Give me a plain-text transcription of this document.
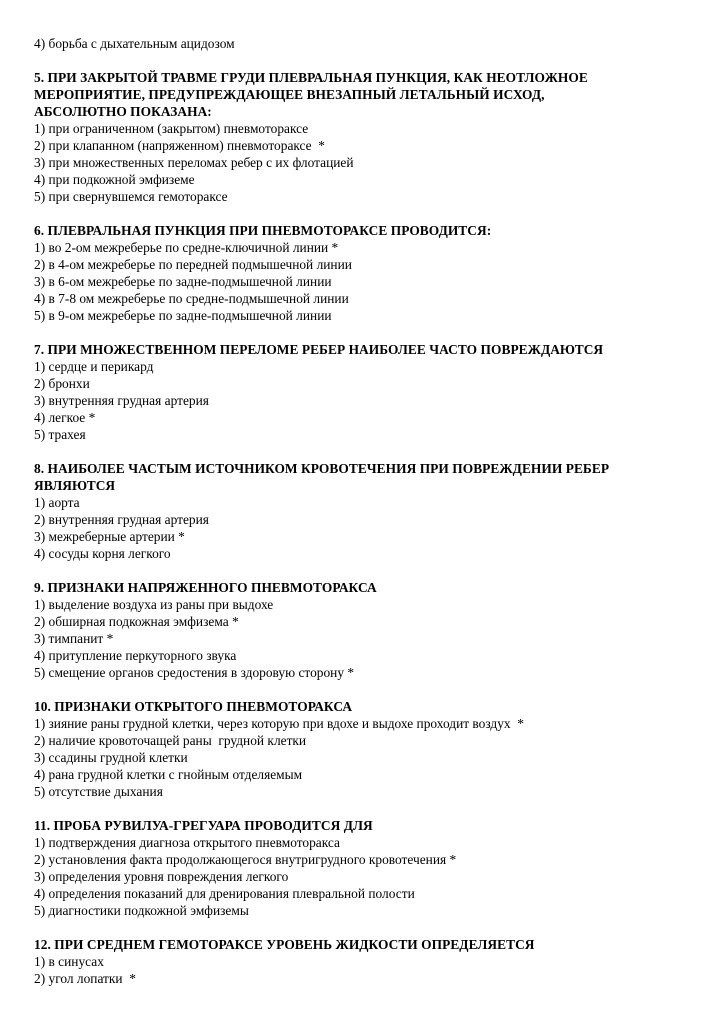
4) борьба с дыхательным ацидозом

5. ПРИ ЗАКРЫТОЙ ТРАВМЕ ГРУДИ ПЛЕВРАЛЬНАЯ ПУНКЦИЯ, КАК НЕОТЛОЖНОЕ

МЕРОПРИЯТИЕ, ПРЕДУПРЕЖДАЮЩЕЕ ВНЕЗАПНЫЙ ЛЕТАЛЬНЫЙ ИСХОД,

АБСОЛЮТНО ПОКАЗАНА:

1) при ограниченном (закрытом) пневмотораксе

2) при клапанном (напряженном) пневмотораксе  *

3) при множественных переломах ребер с их флотацией

4) при подкожной эмфиземе

5) при свернувшемся гемотораксе

6. ПЛЕВРАЛЬНАЯ ПУНКЦИЯ ПРИ ПНЕВМОТОРАКСЕ ПРОВОДИТСЯ:

1) во 2-ом межреберье по средне-ключичной линии *

2) в 4-ом межреберье по передней подмышечной линии

3) в 6-ом межреберье по задне-подмышечной линии

4) в 7-8 ом межреберье по средне-подмышечной линии

5) в 9-ом межреберье по задне-подмышечной линии

7. ПРИ МНОЖЕСТВЕННОМ ПЕРЕЛОМЕ РЕБЕР НАИБОЛЕЕ ЧАСТО ПОВРЕЖДАЮТСЯ

1) сердце и перикард

2) бронхи

3) внутренняя грудная артерия

4) легкое *

5) трахея

8. НАИБОЛЕЕ ЧАСТЫМ ИСТОЧНИКОМ КРОВОТЕЧЕНИЯ ПРИ ПОВРЕЖДЕНИИ РЕБЕР

ЯВЛЯЮТСЯ

1) аорта

2) внутренняя грудная артерия

3) межреберные артерии *

4) сосуды корня легкого

9. ПРИЗНАКИ НАПРЯЖЕННОГО ПНЕВМОТОРАКСА

1) выделение воздуха из раны при выдохе

2) обширная подкожная эмфизема *

3) тимпанит *

4) притупление перкуторного звука

5) смещение органов средостения в здоровую сторону *

10. ПРИЗНАКИ ОТКРЫТОГО ПНЕВМОТОРАКСА

1) зияние раны грудной клетки, через которую при вдохе и выдохе проходит воздух  *

2) наличие кровоточащей раны  грудной клетки

3) ссадины грудной клетки

4) рана грудной клетки с гнойным отделяемым

5) отсутствие дыхания

11. ПРОБА РУВИЛУА-ГРЕГУАРА ПРОВОДИТСЯ ДЛЯ

1) подтверждения диагноза открытого пневмоторакса

2) установления факта продолжающегося внутригрудного кровотечения *

3) определения уровня повреждения легкого

4) определения показаний для дренирования плевральной полости

5) диагностики подкожной эмфиземы

12. ПРИ СРЕДНЕМ ГЕМОТОРАКСЕ УРОВЕНЬ ЖИДКОСТИ ОПРЕДЕЛЯЕТСЯ

1) в синусах

2) угол лопатки  *
